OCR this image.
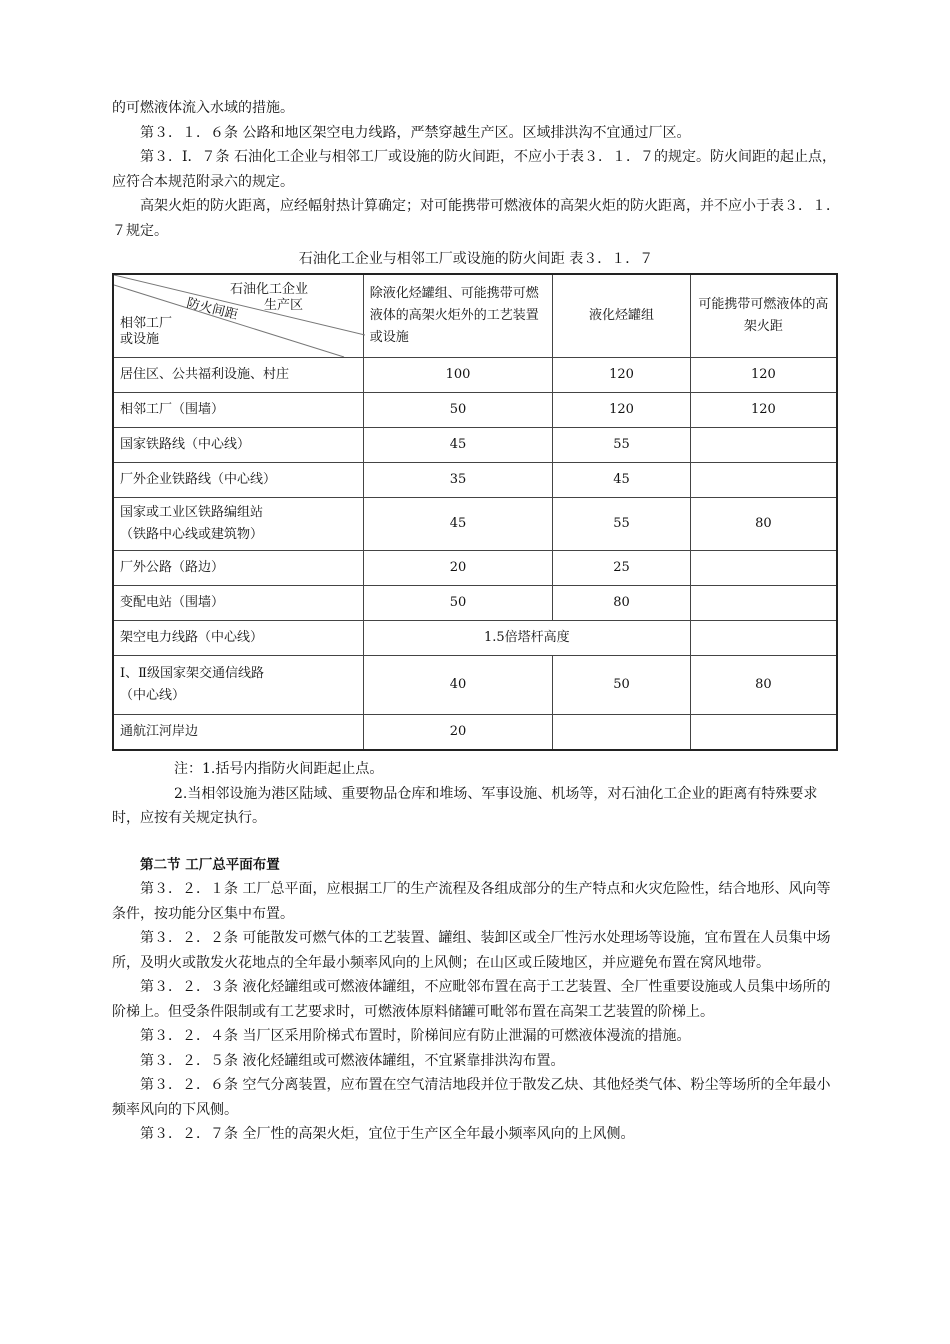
的可燃液体流入水域的措施。

第３．１．６条 公路和地区架空电力线路，严禁穿越生产区。区域排洪沟不宜通过厂区。

第３．I．７条 石油化工企业与相邻工厂或设施的防火间距，不应小于表３．１．７的规定。防火间距的起止点，应符合本规范附录六的规定。

高架火炬的防火距离，应经幅射热计算确定；对可能携带可燃液体的高架火炬的防火距离，并不应小于表３．１．７规定。

石油化工企业与相邻工厂或设施的防火间距 表３．１．７
石油化工企业
生产区
防火间距
相邻工厂
或设施	除液化烃罐组、可能携带可燃液体的高架火炬外的工艺装置或设施	液化烃罐组	可能携带可燃液体的高架火距
居住区、公共福利设施、村庄	100	120	120
相邻工厂（围墙）	50	120	120
国家铁路线（中心线）	45	55	
厂外企业铁路线（中心线）	35	45	

国家或工业区铁路编组站
（铁路中心线或建筑物）	45	55	80
厂外公路（路边）	20	25	
变配电站（围墙）	50	80	
架空电力线路（中心线）	1.5倍塔杆高度		

Ⅰ、Ⅱ级国家架交通信线路
（中心线）	40	50	80
通航江河岸边	20		

注：1.括号内指防火间距起止点。

2.当相邻设施为港区陆域、重要物品仓库和堆场、军事设施、机场等，对石油化工企业的距离有特殊要求时，应按有关规定执行。

第二节 工厂总平面布置

第３．２．１条 工厂总平面，应根据工厂的生产流程及各组成部分的生产特点和火灾危险性，结合地形、风向等条件，按功能分区集中布置。

第３．２．２条 可能散发可燃气体的工艺装置、罐组、装卸区或全厂性污水处理场等设施，宜布置在人员集中场所，及明火或散发火花地点的全年最小频率风向的上风侧；在山区或丘陵地区，并应避免布置在窝风地带。

第３．２．３条 液化烃罐组或可燃液体罐组，不应毗邻布置在高于工艺装置、全厂性重要设施或人员集中场所的阶梯上。但受条件限制或有工艺要求时，可燃液体原料储罐可毗邻布置在高架工艺装置的阶梯上。

第３．２．４条 当厂区采用阶梯式布置时，阶梯间应有防止泄漏的可燃液体漫流的措施。

第３．２．５条 液化烃罐组或可燃液体罐组，不宜紧靠排洪沟布置。

第３．２．６条 空气分离装置，应布置在空气清洁地段并位于散发乙炔、其他烃类气体、粉尘等场所的全年最小频率风向的下风侧。

第３．２．７条 全厂性的高架火炬，宜位于生产区全年最小频率风向的上风侧。
